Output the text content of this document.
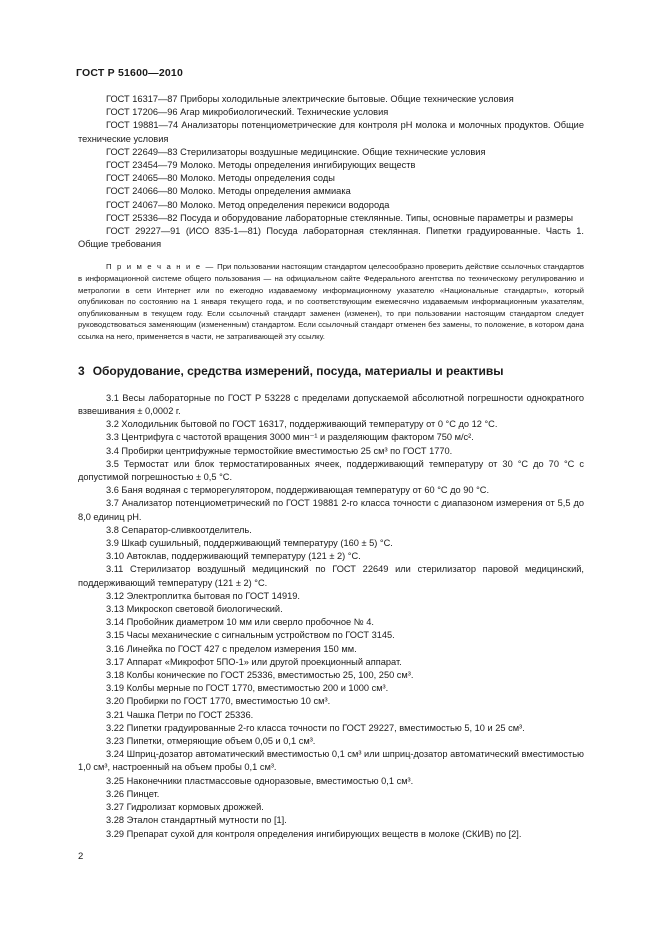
ГОСТ Р 51600—2010

ГОСТ 16317—87 Приборы холодильные электрические бытовые. Общие технические условия

ГОСТ 17206—96 Агар микробиологический. Технические условия

ГОСТ 19881—74 Анализаторы потенциометрические для контроля рН молока и молочных продуктов. Общие технические условия

ГОСТ 22649—83 Стерилизаторы воздушные медицинские. Общие технические условия

ГОСТ 23454—79 Молоко. Методы определения ингибирующих веществ

ГОСТ 24065—80 Молоко. Методы определения соды

ГОСТ 24066—80 Молоко. Методы определения аммиака

ГОСТ 24067—80 Молоко. Метод определения перекиси водорода

ГОСТ 25336—82 Посуда и оборудование лабораторные стеклянные. Типы, основные параметры и размеры

ГОСТ 29227—91 (ИСО 835-1—81) Посуда лабораторная стеклянная. Пипетки градуированные. Часть 1. Общие требования

П р и м е ч а н и е — При пользовании настоящим стандартом целесообразно проверить действие ссылочных стандартов в информационной системе общего пользования — на официальном сайте Федерального агентства по техническому регулированию и метрологии в сети Интернет или по ежегодно издаваемому информационному указателю «Национальные стандарты», который опубликован по состоянию на 1 января текущего года, и по соответствующим ежемесячно издаваемым информационным указателям, опубликованным в текущем году. Если ссылочный стандарт заменен (изменен), то при пользовании настоящим стандартом следует руководствоваться заменяющим (измененным) стандартом. Если ссылочный стандарт отменен без замены, то положение, в котором дана ссылка на него, применяется в части, не затрагивающей эту ссылку.

3 Оборудование, средства измерений, посуда, материалы и реактивы

3.1 Весы лабораторные по ГОСТ Р 53228 с пределами допускаемой абсолютной погрешности однократного взвешивания ± 0,0002 г.

3.2 Холодильник бытовой по ГОСТ 16317, поддерживающий температуру от 0 °С до 12 °С.

3.3 Центрифуга с частотой вращения 3000 мин⁻¹ и разделяющим фактором 750 м/с².

3.4 Пробирки центрифужные термостойкие вместимостью 25 см³ по ГОСТ 1770.

3.5 Термостат или блок термостатированных ячеек, поддерживающий температуру от 30 °С до 70 °С с допустимой погрешностью ± 0,5 °С.

3.6 Баня водяная с терморегулятором, поддерживающая температуру от 60 °С до 90 °С.

3.7 Анализатор потенциометрический по ГОСТ 19881 2-го класса точности с диапазоном измерения от 5,5 до 8,0 единиц рН.

3.8 Сепаратор-сливкоотделитель.

3.9 Шкаф сушильный, поддерживающий температуру (160 ± 5) °С.

3.10 Автоклав, поддерживающий температуру (121 ± 2) °С.

3.11 Стерилизатор воздушный медицинский по ГОСТ 22649 или стерилизатор паровой медицинский, поддерживающий температуру (121 ± 2) °С.

3.12 Электроплитка бытовая по ГОСТ 14919.

3.13 Микроскоп световой биологический.

3.14 Пробойник диаметром 10 мм или сверло пробочное № 4.

3.15 Часы механические с сигнальным устройством по ГОСТ 3145.

3.16 Линейка по ГОСТ 427 с пределом измерения 150 мм.

3.17 Аппарат «Микрофот 5ПО-1» или другой проекционный аппарат.

3.18 Колбы конические по ГОСТ 25336, вместимостью 25, 100, 250 см³.

3.19 Колбы мерные по ГОСТ 1770, вместимостью 200 и 1000 см³.

3.20 Пробирки по ГОСТ 1770, вместимостью 10 см³.

3.21 Чашка Петри по ГОСТ 25336.

3.22 Пипетки градуированные 2-го класса точности по ГОСТ 29227, вместимостью 5, 10 и 25 см³.

3.23 Пипетки, отмеряющие объем 0,05 и 0,1 см³.

3.24 Шприц-дозатор автоматический вместимостью 0,1 см³ или шприц-дозатор автоматический вместимостью 1,0 см³, настроенный на объем пробы 0,1 см³.

3.25 Наконечники пластмассовые одноразовые, вместимостью 0,1 см³.

3.26 Пинцет.

3.27 Гидролизат кормовых дрожжей.

3.28 Эталон стандартный мутности по [1].

3.29 Препарат сухой для контроля определения ингибирующих веществ в молоке (СКИВ) по [2].

2
